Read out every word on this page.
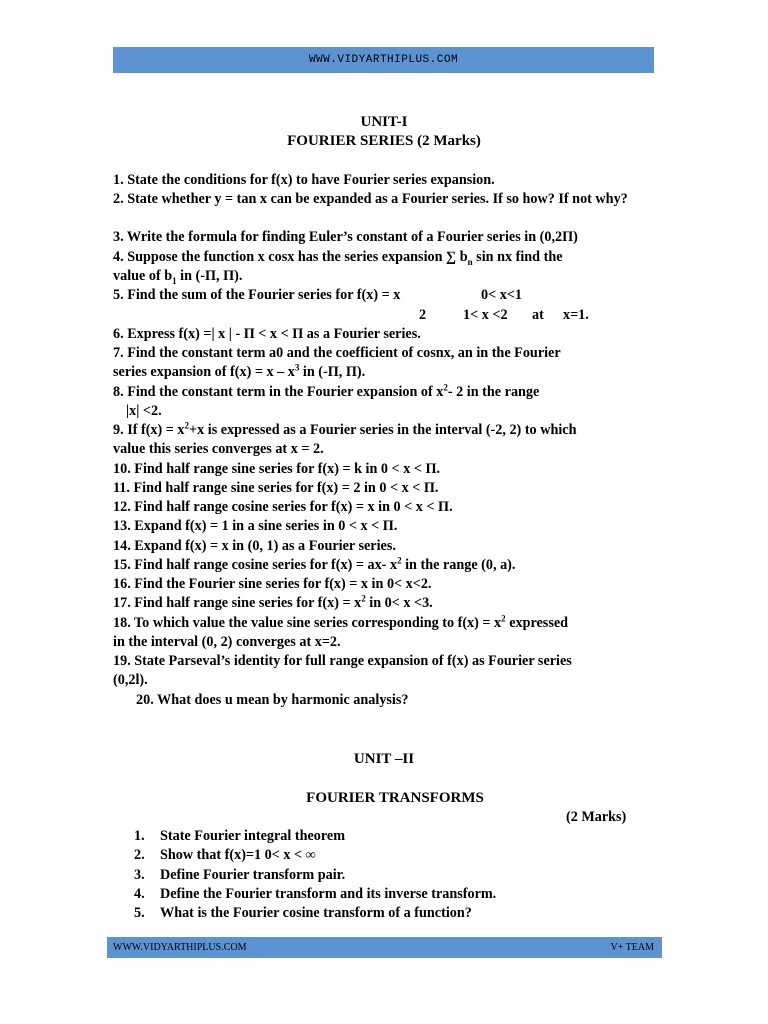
WWW.VIDYARTHIPLUS.COM
UNIT-I
FOURIER SERIES (2 Marks)
1. State the conditions for f(x) to have Fourier series expansion.
2. State whether y = tan x can be expanded as a Fourier series. If so how? If not why?
3. Write the formula for finding Euler’s constant of a Fourier series in (0,2Π)
4. Suppose the function x cosx has the series expansion ∑ $b_n$ sin nx find the
value of $b_1$ in (-Π, Π).
5. Find the sum of the Fourier series for f(x) = x	0< x<1
2	1< x <2 at x=1.
6. Express f(x) =| x | - Π < x < Π as a Fourier series.
7. Find the constant term a0 and the coefficient of cosnx, an in the Fourier
series expansion of $f(x) = x - x^3$ in (-Π, Π).
8. Find the constant term in the Fourier expansion of $x^2-$ 2 in the range
|x| <2.
9. If $f(x) = x^2+x$ is expressed as a Fourier series in the interval (-2, 2) to which
value this series converges at x = 2.
10. Find half range sine series for f(x) = k in 0 < x < Π.
11. Find half range sine series for f(x) = 2 in 0 < x < Π.
12. Find half range cosine series for f(x) = x in 0 < x < Π.
13. Expand f(x) = 1 in a sine series in 0 < x < Π.
14. Expand f(x) = x in (0, 1) as a Fourier series.
15. Find half range cosine series for f(x) = ax- $x^2$ in the range (0, a).
16. Find the Fourier sine series for f(x) = x in 0< x<2.
17. Find half range sine series for $f(x) = x^2$ in 0< x <3.
18. To which value the value sine series corresponding to $f(x) = x^2$ expressed
in the interval (0, 2) converges at x=2.
19. State Parseval’s identity for full range expansion of f(x) as Fourier series
(0,2l).
20. What does u mean by harmonic analysis?
UNIT –II
FOURIER TRANSFORMS
(2 Marks)
1. State Fourier integral theorem
2. Show that f(x)=1 0< x < ∞
3. Define Fourier transform pair.
4. Define the Fourier transform and its inverse transform.
5. What is the Fourier cosine transform of a function?
WWW.VIDYARTHIPLUS.COM	V+ TEAM
